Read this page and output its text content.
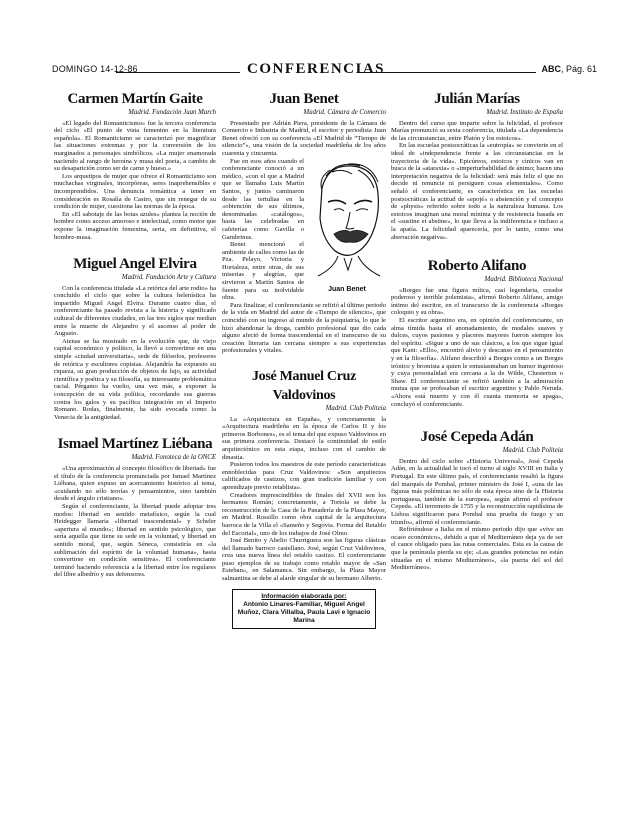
DOMINGO 14-12-86	CONFERENCIAS	ABC, Pág. 61
Carmen Martín Gaite
Madrid. Fundación Juan March

«El legado del Romanticismo» fue la tercera conferencia del ciclo «El punto de vista femenino en la literatura española». El Romanticismo se caracterizó por magnificar las situaciones extremas y por la conversión de los marginados a personajes simbólicos. «La mujer enamorada naciendo al rango de heroína y musa del poeta, a cambio de su desaparición como ser de carne y hueso.»

Los arquetipos de mujer que ofrece el Romanticismo son muchachas virginales, incorpóreas, seres inaprehensibles e incomprendidos. Una denuncia romántica a tener en consideración es Rosalía de Castro, que sin renegar de su condición de mujer, cuestiona las normas de la época.

En «El sabotaje de las botas azules» plantea la noción de hombre como acceso amoroso e intelectual, como motor que expone la imaginación femenina, seria, en definitiva, el hombre-musa.

Miguel Angel Elvira
Madrid. Fundación Arte y Cultura

Con la conferencia titulada «La retórica del arte rodio» ha concluido el ciclo que sobre la cultura helenística ha impartido Miguel Angel Elvira. Durante cuatro días, el conferenciante ha pasado revista a la historia y significado cultural de diferentes ciudades, en las tres siglos que median entre la muerte de Alejandro y el ascenso al poder de Augusto.

Atenas se ha mostrado en la evolución que, de viejo capital económico y político, la llevó a convertirse en una simple «ciudad universitaria», sede de filósofos, profesores de retórica y escultores copistas. Alejandría ha expuesto su riqueza, su gran producción de objetos de lujo, su actividad científica y poética y su filosofía, su interesante problemática racial. Pérgamo ha vuelto, una vez más, a exponer la concepción de su vida política, recordando sus guerras contra los galos y su pacífica integración en el Imperio Romano. Rodas, finalmente, ha sido evocada como la Venecia de la antigüedad.

Ismael Martínez Liébana
Madrid. Fonoteca de la ONCE

«Una aproximación al concepto filosófico de libertad» fue el título de la conferencia pronunciada por Ismael Martínez Liébana, quien expuso un acercamiento histórico al tema, «cuidando no sólo teorías y pensamientos, sino también desde el ángulo cristiano».

Según el conferenciante, la libertad puede adoptar tres modos: libertad en sentido metafísico, según la cual Heidegger llamaría «libertad trascendental» y Scheler «apertura al mundo»; libertad en sentido psicológico, que sería aquella que tiene su sede en la voluntad, y libertad en sentido moral, que, según Séneca, consistiría en «la sublimación del espíritu de la voluntad humana», hasta convertirse en condición sensitiva». El conferenciante terminó haciendo referencia a la libertad entre los regulares del libre albedrío y sus defensores.

Juan Benet
Madrid. Cámara de Comercio

Presentado por Adrián Piera, presidente de la Cámara de Comercio e Industria de Madrid, el escritor y periodista Juan Benet ofreció con su conferencia «El Madrid de “Tiempo de silencio”», una visión de la sociedad madrileña de los años cuarenta y cincuenta.

Juan Benet

Fue en esos años cuando el conferenciante conoció a un médico, «con el que a Madrid que se llamaba Luis Martín Santos, y juntos caminaron desde las tertulias en la «obtención de sus últimos, denominadas «catálogos», hasta las celebradas en cafeterías como Gavilla o Gambrinus.

Benet mencionó el ambiente de calles como las de Pza. Pelayo, Victoria y Hortaleza, entre otras, de sus miserias y alegrías, que sirvieron a Martín Santos de fuente para su inolvidable obra.

Para finalizar, el conferenciante se refirió al último periodo de la vida en Madrid del autor de «Tiempo de silencio», que coincidió con su ingreso al mundo de la psiquiatría, lo que le hizo abandonar la droga, cambio profesional que dio cada alguno afectó de forma trascendental en el transcurso de su creación literaria tan cercana siempre a sus experiencias profesionales y vitales.

José Manuel Cruz Valdovinos
Madrid. Club Politeia

La «Arquitectura en España», y concretamente la «Arquitectura madrileña en la época de Carlos II y los primeros Borbones», es el tema del que expuso Valdovinos en sus primera conferencia. Destacó la continuidad de estilo arquitectónico en esta etapa, incluso con el cambio de dinastía.

Pusieron todos los maestros de este período características ennoblecidas para Cruz Valdovinos: «Son arquitectos calificados de castizos, con gran tradición familiar y con aprendizaje previo retablista».

Creadores imprescindibles de finales del XVII son los hermanos Román; concretamente, a Tortola se debe la reconstrucción de la Casa de la Panadería de la Plaza Mayor, en Madrid. Rossillo como obra capital de la arquitectura barroca de la Villa el «Sameño y Segovia. Forma del Retablo del Escorial», uno de los trabajos de José Olmo.

José Benito y Abelio Churriguera son las figuras clásicas del llamado barroco castellano. José, según Cruz Valdovinos, crea una nueva línea del retablo castizo. El conferenciante puso ejemplos de su trabajo como retablo mayor de «San Esteban», en Salamanca. Sin embargo, la Plaza Mayor salmantina se debe al alarde singular de su hermano Alberto.

Información elaborada por:
Antonio Linares-Familiar, Miguel Angel Muñoz, Clara Villalba, Paula Lavi e Ignacio Marina
Julián Marías
Madrid. Instituto de España

Dentro del curso que imparte sobre la felicidad, el profesor Marías pronunció su sexta conferencia, titulada «La dependencia de las circunstancias, entre Platón y los estoicos».

En las escuelas postsocráticas la «eutropía» se convierte en el ideal de «independencia frente a las circunstancias en la trayectoria de la vida». Epicúreos, estoicos y cínicos van en busca de la «ataraxia» o «imperturbabilidad de ánimo; hacen una interpretación negativa de la felicidad: será más feliz el que no decide ni renuncie ni persiguen cosas elementales». Como señaló el conferenciante, es característica en las escuelas postsocráticas la actitud de «epojé» o abstención y el concepto de «physis» referido sobre todo a la naturaleza humana. Los estoicos imaginan una moral mínima y de resistencia basada en el «sustine et abstine», lo que lleva a la indiferencia e incluso a la apatía. La felicidad aparecería, por lo tanto, como una aberración negativa».

Roberto Alifano
Madrid. Biblioteca Nacional

«Borges fue una figura mítica, casi legendaria, creador poderoso y terrible polemista», afirmó Roberto Alifano, amigo íntimo del escritor, en el transcurso de la conferencia «Borges coloquio y su obra».

El escritor argentino era, en opinión del conferenciante, un alma tímida hasta el anonadamiento, de modales suaves y dulces, cuyos pasiones y placeres mayores fueron siempre los del espíritu. «Sigue a uno de sus clásicos, a los que sigue igual que Kant: «Ello», encontró alivio y descanso en el pensamiento y en la filosofía». Alifano describió a Borges como a un Borges irónico y bromista a quien le entusiasmaban un humor ingenioso y cuya personalidad era cercana a la de Wilde, Chesterton o Shaw. El conferenciante se refirió también a la admiración mutua que se profesaban el escritor argentino y Pablo Neruda. «Ahora está muerto y con él cuanta memoria se apaga», concluyó el conferenciante.

José Cepeda Adán
Madrid. Club Politeia

Dentro del ciclo sobre «Historia Universal», José Cepeda Adán, en la actualidad le tocó el turno al siglo XVIII en Italia y Portugal. En este último país, el conferenciante resaltó la figura del marqués de Pombal, primer ministro de José I, «una de las figuras más polémicas no sólo de esta época sino de la Historia portuguesa, también de la europea», según afirmó el profesor Cepeda. «El terremoto de 1755 y la reconstrucción rapidísima de Lisboa significaron para Pombal una prueba de fuego y un triunfo», afirmó el conferenciante.

Refiriéndose a Italia en el mismo periodo dijo que «vive un ocaso económico», debido a que el Mediterráneo deja ya de ser el cauce obligado para las rutas comerciales. Esta es la causa de que la península pierda su eje; «Las grandes potencias no están situadas en el mismo Mediterráneo», «la puerta del sol del Mediterráneo».
